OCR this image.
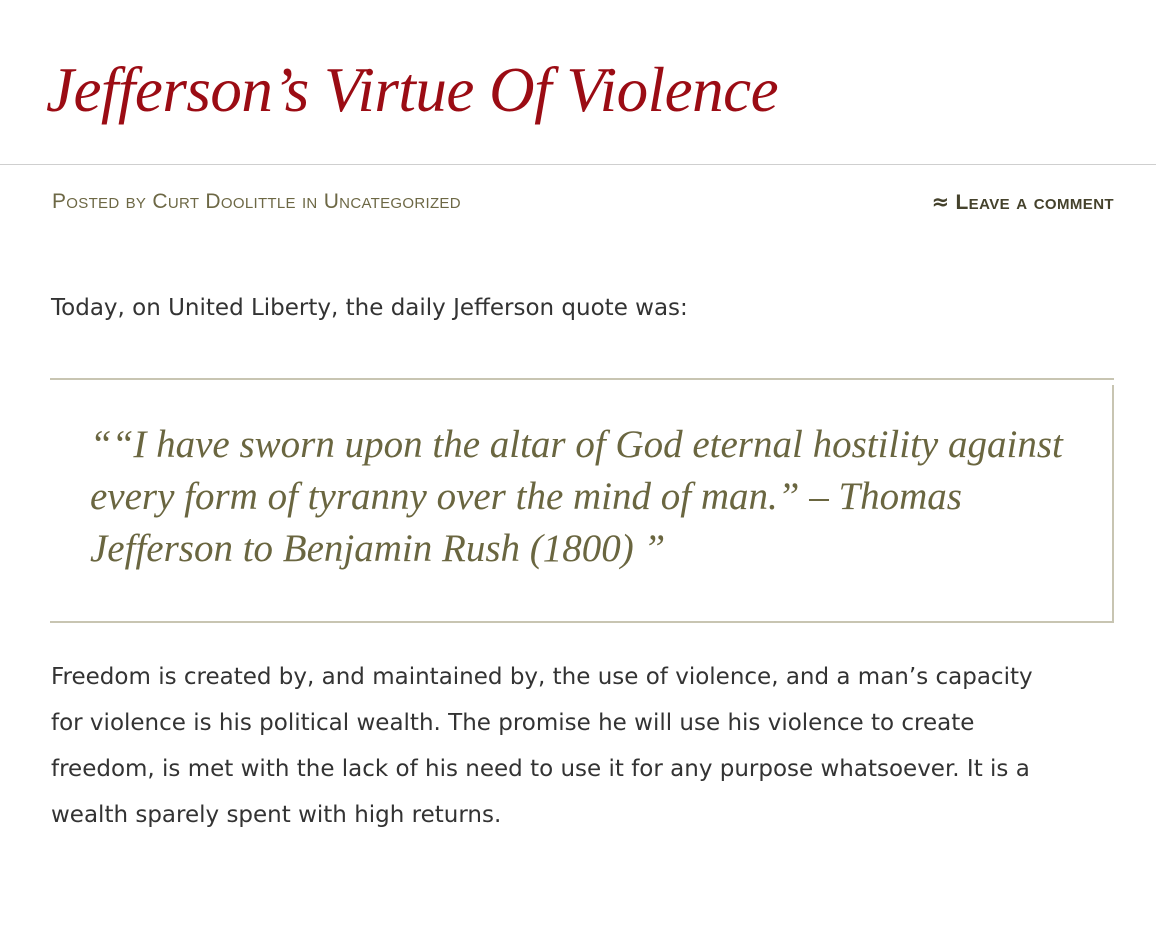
Jefferson’s Virtue Of Violence
Posted by Curt Doolittle in Uncategorized	≈ Leave a comment

Today, on United Liberty, the daily Jefferson quote was:

““I have sworn upon the altar of God eternal hostility against every form of tyranny over the mind of man.” – Thomas Jefferson to Benjamin Rush (1800) ”

Freedom is created by, and maintained by, the use of violence, and a man’s capacity for violence is his political wealth. The promise he will use his violence to create freedom, is met with the lack of his need to use it for any purpose whatsoever. It is a wealth sparely spent with high returns.
